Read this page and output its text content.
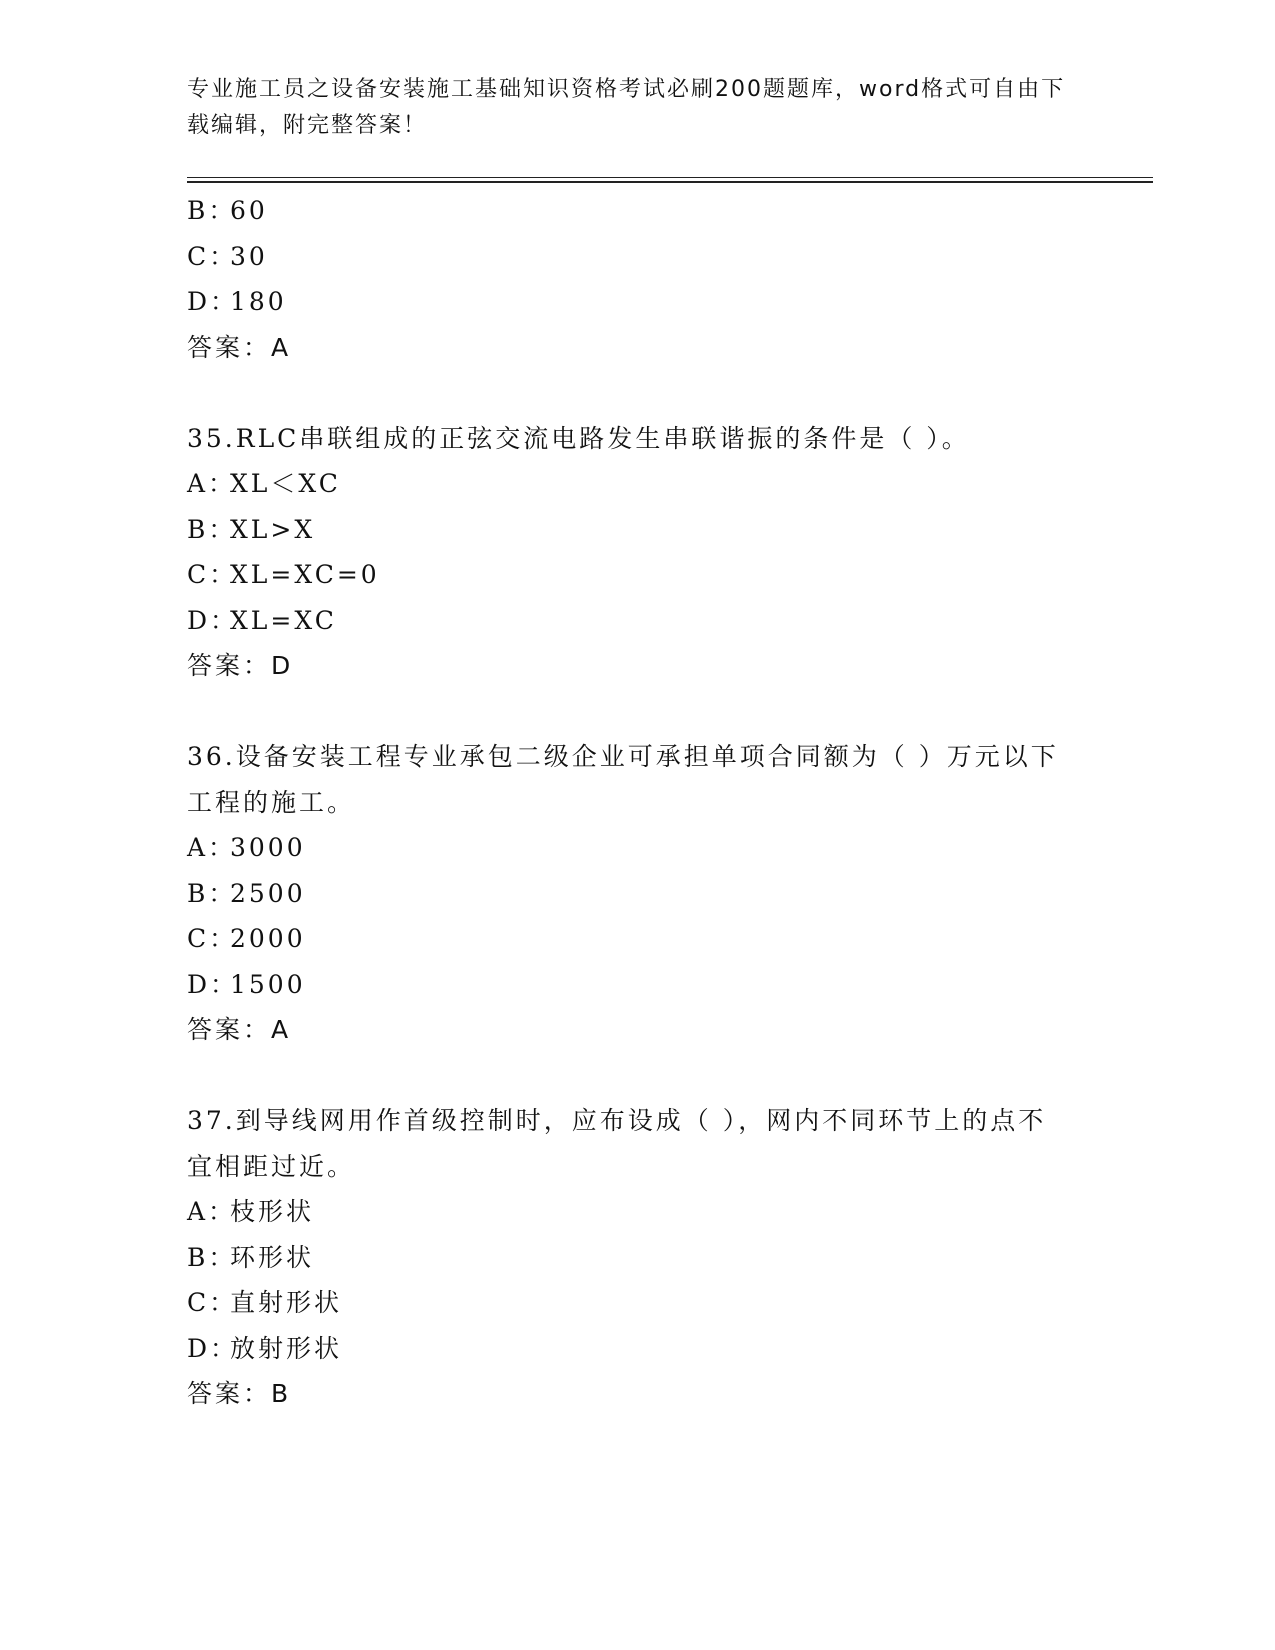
专业施工员之设备安装施工基础知识资格考试必刷200题题库，word格式可自由下载编辑，附完整答案！
B：
60
C：
30
D：
180
答案：A
35.RLC串联组成的正弦交流电路发生串联谐振的条件是（ ）。
A：
XL＜XC
B：
XL>X
C：
XL=XC=0
D：
XL=XC
答案：D
36.设备安装工程专业承包二级企业可承担单项合同额为（ ）万元以下工程的施工。
A：
3000
B：
2500
C：
2000
D：
1500
答案：A
37.到导线网用作首级控制时，应布设成（ ），网内不同环节上的点不宜相距过近。
A：
枝形状
B：
环形状
C：
直射形状
D：
放射形状
答案：B
